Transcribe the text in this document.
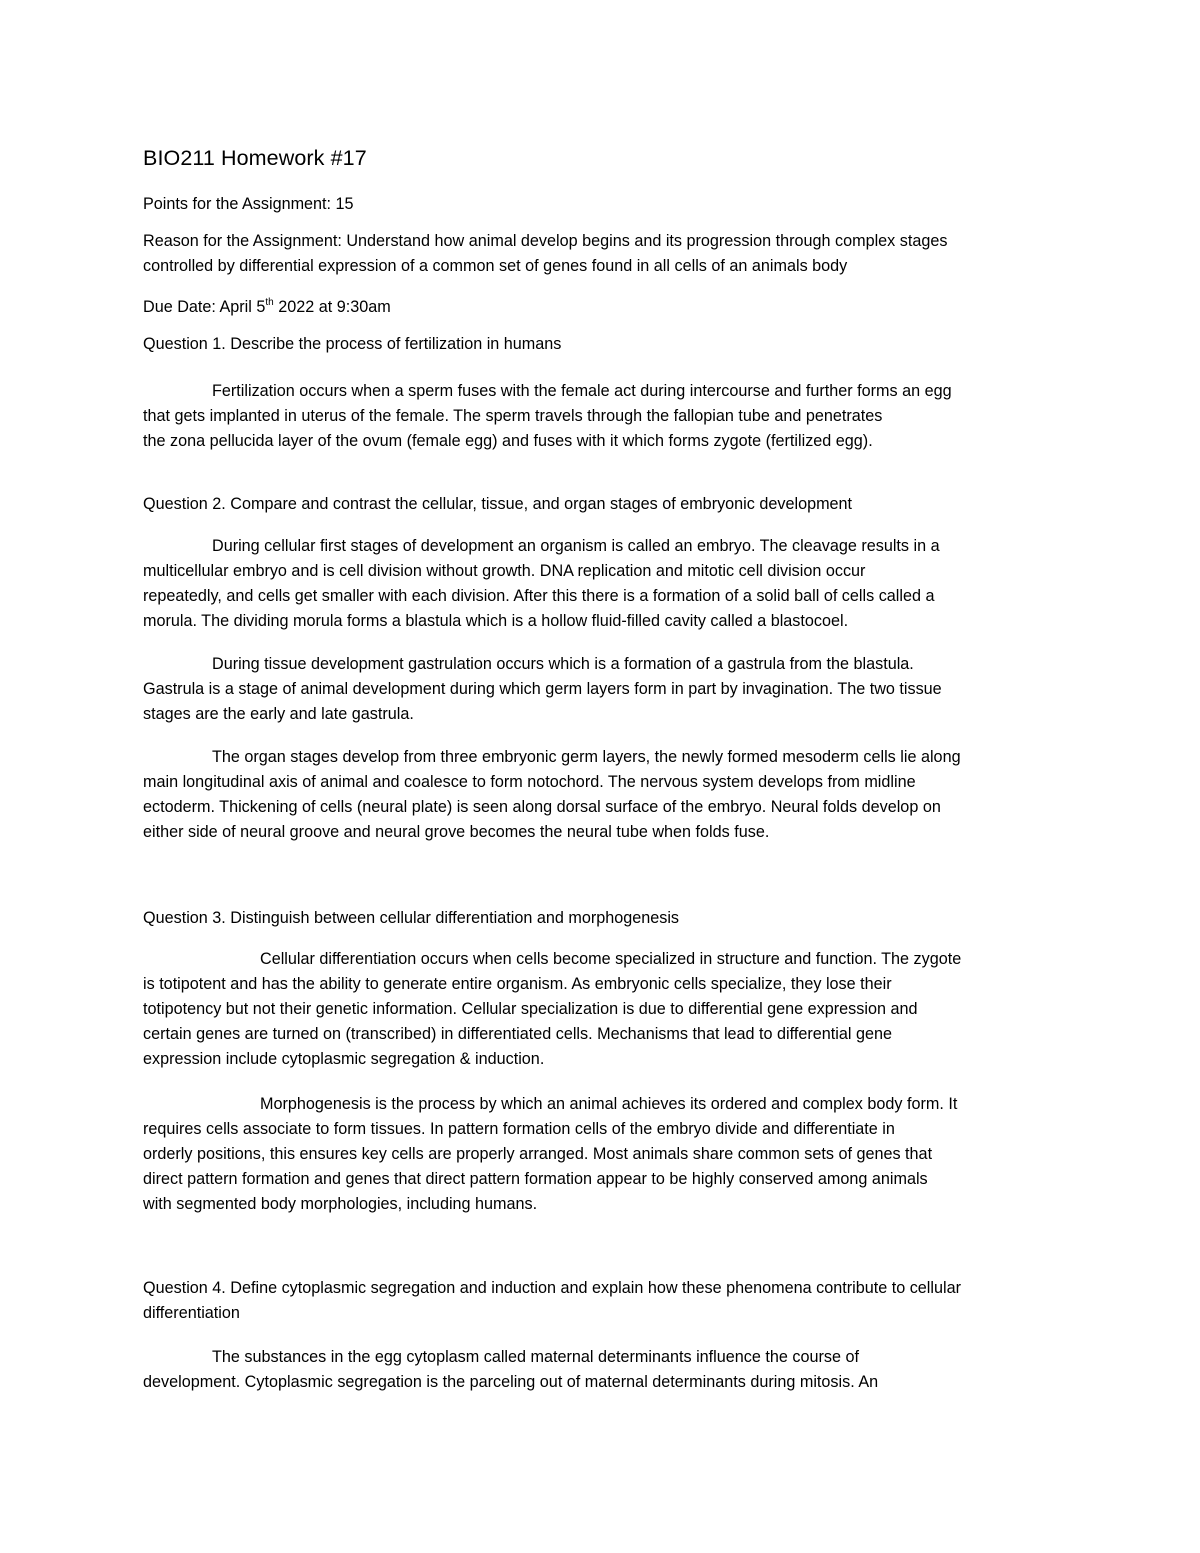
BIO211 Homework #17

Points for the Assignment: 15

Reason for the Assignment: Understand how animal develop begins and its progression through complex stages
controlled by differential expression of a common set of genes found in all cells of an animals body

Due Date: April 5th 2022 at 9:30am

Question 1. Describe the process of fertilization in humans

Fertilization occurs when a sperm fuses with the female act during intercourse and further forms an egg
that gets implanted in uterus of the female. The sperm travels through the fallopian tube and penetrates
the zona pellucida layer of the ovum (female egg) and fuses with it which forms zygote (fertilized egg).

Question 2. Compare and contrast the cellular, tissue, and organ stages of embryonic development

During cellular first stages of development an organism is called an embryo. The cleavage results in a
multicellular embryo and is cell division without growth. DNA replication and mitotic cell division occur
repeatedly, and cells get smaller with each division. After this there is a formation of a solid ball of cells called a
morula. The dividing morula forms a blastula which is a hollow fluid-filled cavity called a blastocoel.

During tissue development gastrulation occurs which is a formation of a gastrula from the blastula.
Gastrula is a stage of animal development during which germ layers form in part by invagination. The two tissue
stages are the early and late gastrula.

The organ stages develop from three embryonic germ layers, the newly formed mesoderm cells lie along
main longitudinal axis of animal and coalesce to form notochord. The nervous system develops from midline
ectoderm. Thickening of cells (neural plate) is seen along dorsal surface of the embryo. Neural folds develop on
either side of neural groove and neural grove becomes the neural tube when folds fuse.

Question 3. Distinguish between cellular differentiation and morphogenesis

Cellular differentiation occurs when cells become specialized in structure and function. The zygote
is totipotent and has the ability to generate entire organism. As embryonic cells specialize, they lose their
totipotency but not their genetic information. Cellular specialization is due to differential gene expression and
certain genes are turned on (transcribed) in differentiated cells. Mechanisms that lead to differential gene
expression include cytoplasmic segregation & induction.

Morphogenesis is the process by which an animal achieves its ordered and complex body form. It
requires cells associate to form tissues. In pattern formation cells of the embryo divide and differentiate in
orderly positions, this ensures key cells are properly arranged. Most animals share common sets of genes that
direct pattern formation and genes that direct pattern formation appear to be highly conserved among animals
with segmented body morphologies, including humans.

Question 4. Define cytoplasmic segregation and induction and explain how these phenomena contribute to cellular
differentiation

The substances in the egg cytoplasm called maternal determinants influence the course of
development. Cytoplasmic segregation is the parceling out of maternal determinants during mitosis. An
